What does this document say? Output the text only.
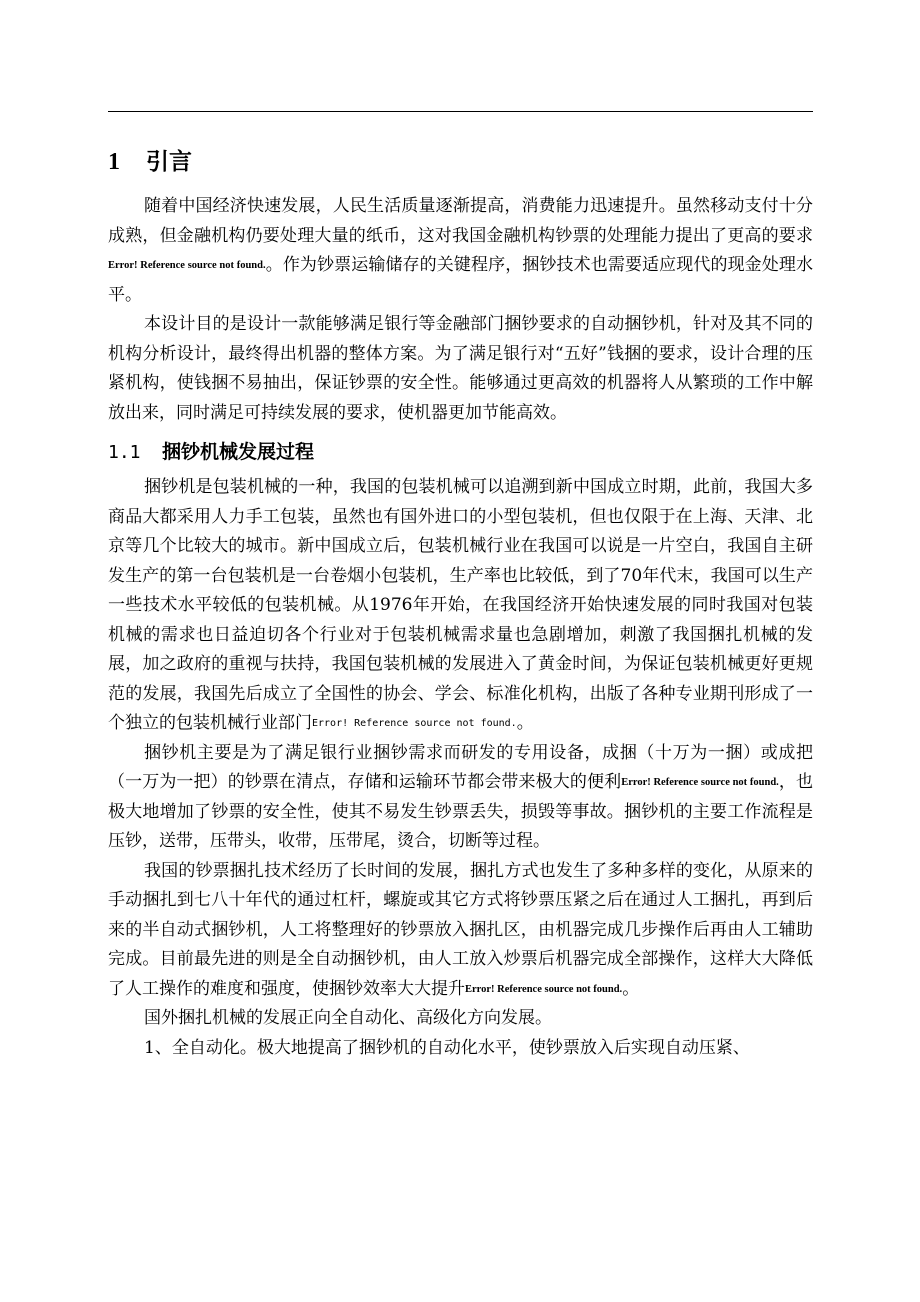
1 引言

随着中国经济快速发展，人民生活质量逐渐提高，消费能力迅速提升。虽然移动支付十分成熟，但金融机构仍要处理大量的纸币，这对我国金融机构钞票的处理能力提出了更高的要求 Error! Reference source not found.。作为钞票运输储存的关键程序，捆钞技术也需要适应现代的现金处理水平。

本设计目的是设计一款能够满足银行等金融部门捆钞要求的自动捆钞机，针对及其不同的机构分析设计，最终得出机器的整体方案。为了满足银行对“五好”钱捆的要求，设计合理的压紧机构，使钱捆不易抽出，保证钞票的安全性。能够通过更高效的机器将人从繁琐的工作中解放出来，同时满足可持续发展的要求，使机器更加节能高效。

1.1 捆钞机械发展过程

捆钞机是包装机械的一种，我国的包装机械可以追溯到新中国成立时期，此前，我国大多商品大都采用人力手工包装，虽然也有国外进口的小型包装机，但也仅限于在上海、天津、北京等几个比较大的城市。新中国成立后，包装机械行业在我国可以说是一片空白，我国自主研发生产的第一台包装机是一台卷烟小包装机，生产率也比较低，到了70年代末，我国可以生产一些技术水平较低的包装机械。从1976年开始，在我国经济开始快速发展的同时我国对包装机械的需求也日益迫切各个行业对于包装机械需求量也急剧增加，刺激了我国捆扎机械的发展，加之政府的重视与扶持，我国包装机械的发展进入了黄金时间，为保证包装机械更好更规范的发展，我国先后成立了全国性的协会、学会、标准化机构，出版了各种专业期刊形成了一个独立的包装机械行业部门Error! Reference source not found.。

捆钞机主要是为了满足银行业捆钞需求而研发的专用设备，成捆（十万为一捆）或成把（一万为一把）的钞票在清点，存储和运输环节都会带来极大的便利Error! Reference source not found.，也极大地增加了钞票的安全性，使其不易发生钞票丢失，损毁等事故。捆钞机的主要工作流程是压钞，送带，压带头，收带，压带尾，烫合，切断等过程。

我国的钞票捆扎技术经历了长时间的发展，捆扎方式也发生了多种多样的变化，从原来的手动捆扎到七八十年代的通过杠杆，螺旋或其它方式将钞票压紧之后在通过人工捆扎，再到后来的半自动式捆钞机，人工将整理好的钞票放入捆扎区，由机器完成几步操作后再由人工辅助完成。目前最先进的则是全自动捆钞机，由人工放入炒票后机器完成全部操作，这样大大降低了人工操作的难度和强度，使捆钞效率大大提升Error! Reference source not found.。

国外捆扎机械的发展正向全自动化、高级化方向发展。

1、全自动化。极大地提高了捆钞机的自动化水平，使钞票放入后实现自动压紧、
